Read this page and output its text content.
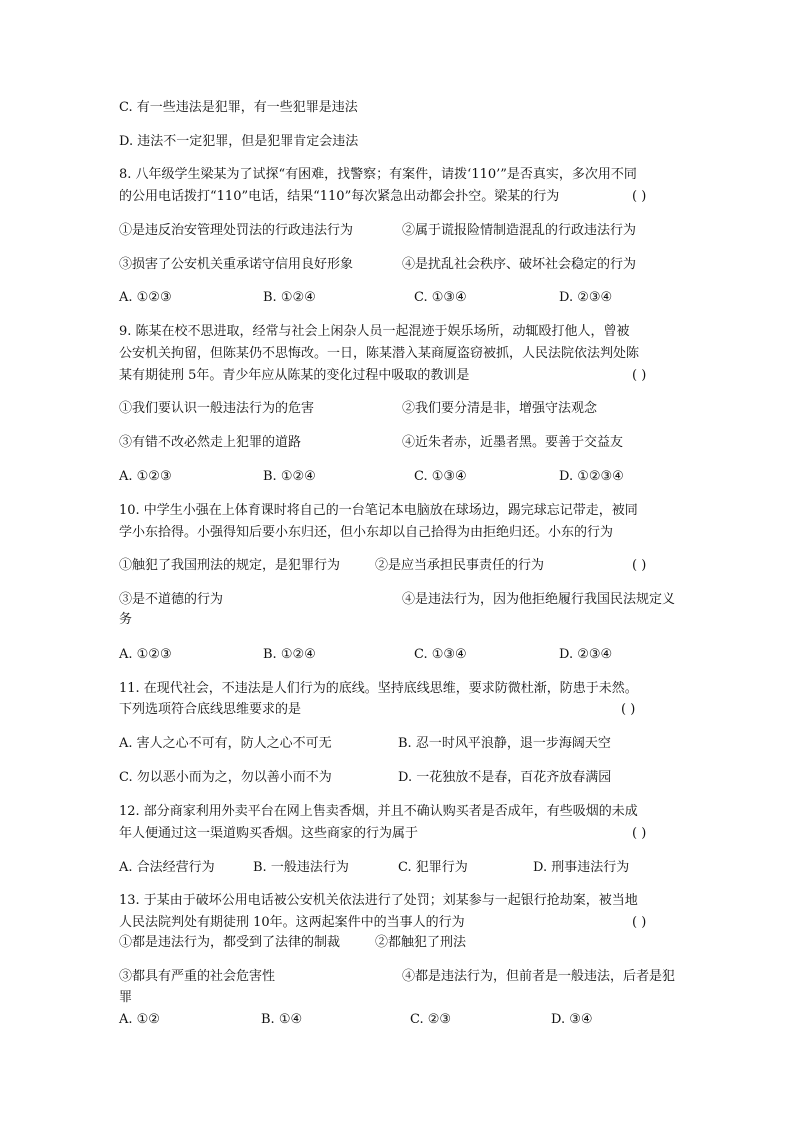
C. 有一些违法是犯罪，有一些犯罪是违法
D. 违法不一定犯罪，但是犯罪肯定会违法
8. 八年级学生梁某为了试探“有困难，找警察；有案件，请拨‘110’”是否真实，多次用不同
的公用电话拨打“110”电话，结果“110”每次紧急出动都会扑空。梁某的行为	( )
①是违反治安管理处罚法的行政违法行为	②属于谎报险情制造混乱的行政违法行为
③损害了公安机关重承诺守信用良好形象	④是扰乱社会秩序、破坏社会稳定的行为
A. ①②③	B. ①②④	C. ①③④	D. ②③④
9. 陈某在校不思进取，经常与社会上闲杂人员一起混迹于娱乐场所，动辄殴打他人，曾被
公安机关拘留，但陈某仍不思悔改。一日，陈某潜入某商厦盗窃被抓，人民法院依法判处陈
某有期徒刑 5年。青少年应从陈某的变化过程中吸取的教训是	( )
①我们要认识一般违法行为的危害	②我们要分清是非，增强守法观念
③有错不改必然走上犯罪的道路	④近朱者赤，近墨者黑。要善于交益友
A. ①②③	B. ①②④	C. ①③④	D. ①②③④
10. 中学生小强在上体育课时将自己的一台笔记本电脑放在球场边，踢完球忘记带走，被同
学小东拾得。小强得知后要小东归还，但小东却以自己拾得为由拒绝归还。小东的行为
①触犯了我国刑法的规定，是犯罪行为	②是应当承担民事责任的行为	( )
③是不道德的行为	④是违法行为，因为他拒绝履行我国民法规定义
务
A. ①②③	B. ①②④	C. ①③④	D. ②③④
11. 在现代社会，不违法是人们行为的底线。坚持底线思维，要求防微杜渐，防患于未然。
下列选项符合底线思维要求的是	( )
A. 害人之心不可有，防人之心不可无	B. 忍一时风平浪静，退一步海阔天空
C. 勿以恶小而为之，勿以善小而不为	D. 一花独放不是春，百花齐放春满园
12. 部分商家利用外卖平台在网上售卖香烟，并且不确认购买者是否成年，有些吸烟的未成
年人便通过这一渠道购买香烟。这些商家的行为属于	( )
A. 合法经营行为	B. 一般违法行为	C. 犯罪行为	D. 刑事违法行为
13. 于某由于破坏公用电话被公安机关依法进行了处罚；刘某参与一起银行抢劫案，被当地
人民法院判处有期徒刑 10年。这两起案件中的当事人的行为	( )
①都是违法行为，都受到了法律的制裁	②都触犯了刑法
③都具有严重的社会危害性	④都是违法行为，但前者是一般违法，后者是犯
罪
A. ①②	B. ①④	C. ②③	D. ③④
